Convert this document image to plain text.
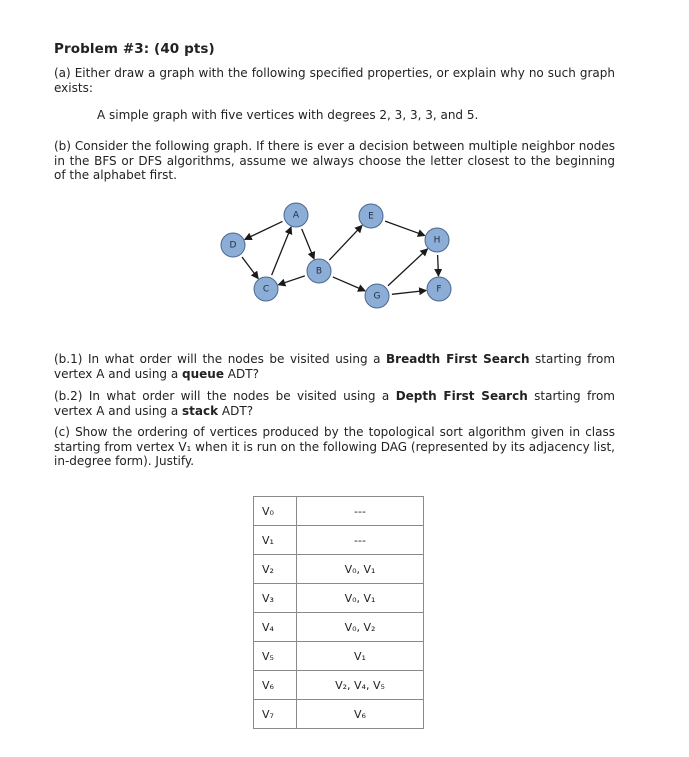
Problem #3: (40 pts)
(a) Either draw a graph with the following specified properties, or explain why no such graph exists:
A simple graph with five vertices with degrees 2, 3, 3, 3, and 5.
(b) Consider the following graph. If there is ever a decision between multiple neighbor nodes in the BFS or DFS algorithms, assume we always choose the letter closest to the beginning of the alphabet first.
A
B
C
D
E
F
G
H
(b.1) In what order will the nodes be visited using a Breadth First Search starting from vertex A and using a queue ADT?
(b.2) In what order will the nodes be visited using a Depth First Search starting from vertex A and using a stack ADT?
(c) Show the ordering of vertices produced by the topological sort algorithm given in class starting from vertex V₁ when it is run on the following DAG (represented by its adjacency list, in-degree form). Justify.
V₀	---
V₁	---
V₂	V₀, V₁
V₃	V₀, V₁
V₄	V₀, V₂
V₅	V₁
V₆	V₂, V₄, V₅
V₇	V₆
